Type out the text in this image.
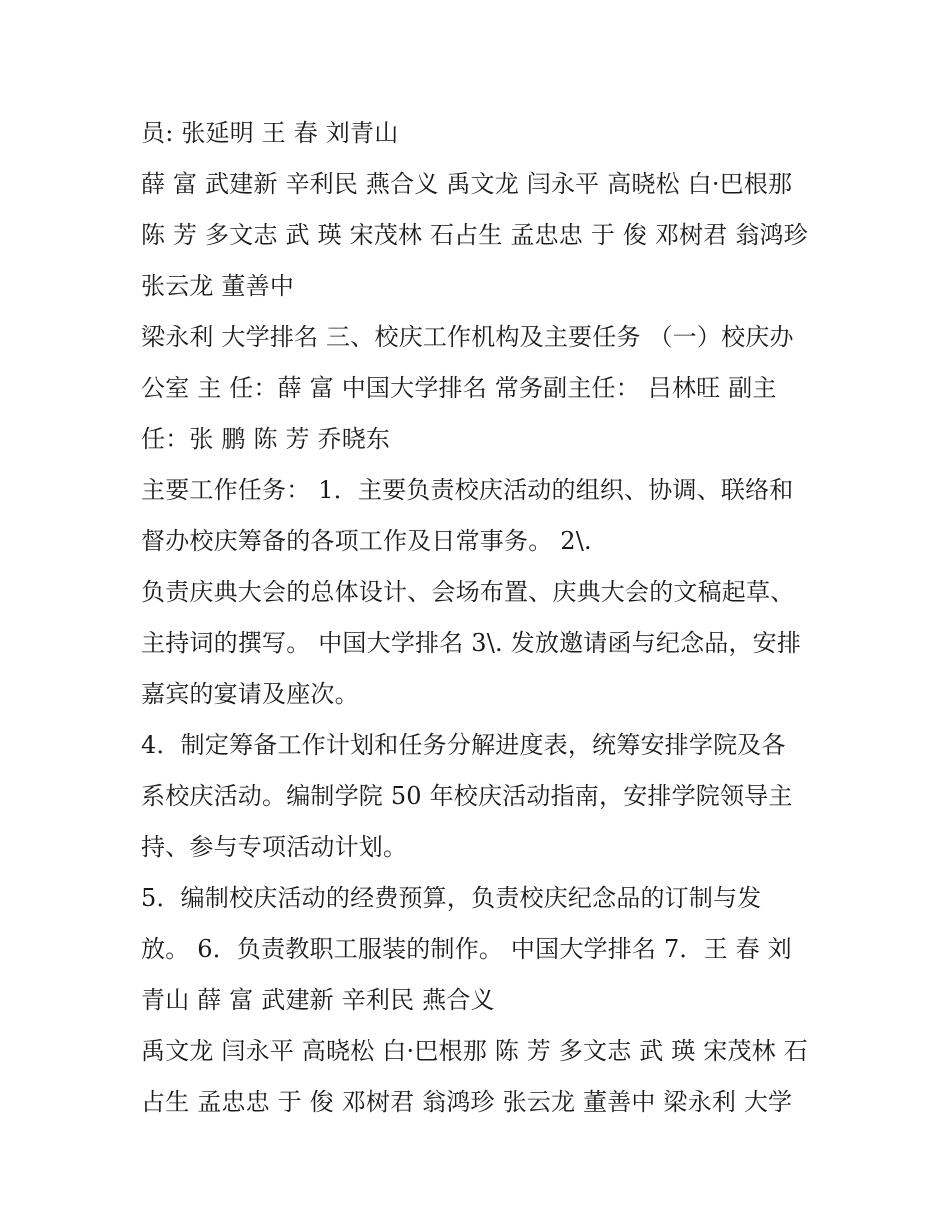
员: 张延明 王 春 刘青山
薛 富 武建新 辛利民 燕合义 禹文龙 闫永平 高晓松 白·巴根那
陈 芳 多文志 武 瑛 宋茂林 石占生 孟忠忠 于 俊 邓树君 翁鸿珍
张云龙 董善中
梁永利 大学排名 三、校庆工作机构及主要任务 （一）校庆办
公室 主 任：薛 富 中国大学排名 常务副主任： 吕林旺 副主
任：张 鹏 陈 芳 乔晓东
主要工作任务： 1．主要负责校庆活动的组织、协调、联络和
督办校庆筹备的各项工作及日常事务。 2\.
负责庆典大会的总体设计、会场布置、庆典大会的文稿起草、
主持词的撰写。 中国大学排名 3\. 发放邀请函与纪念品，安排
嘉宾的宴请及座次。
4．制定筹备工作计划和任务分解进度表，统筹安排学院及各
系校庆活动。编制学院 50 年校庆活动指南，安排学院领导主
持、参与专项活动计划。
5．编制校庆活动的经费预算，负责校庆纪念品的订制与发
放。 6．负责教职工服装的制作。 中国大学排名 7．王 春 刘
青山 薛 富 武建新 辛利民 燕合义
禹文龙 闫永平 高晓松 白·巴根那 陈 芳 多文志 武 瑛 宋茂林 石
占生 孟忠忠 于 俊 邓树君 翁鸿珍 张云龙 董善中 梁永利 大学
